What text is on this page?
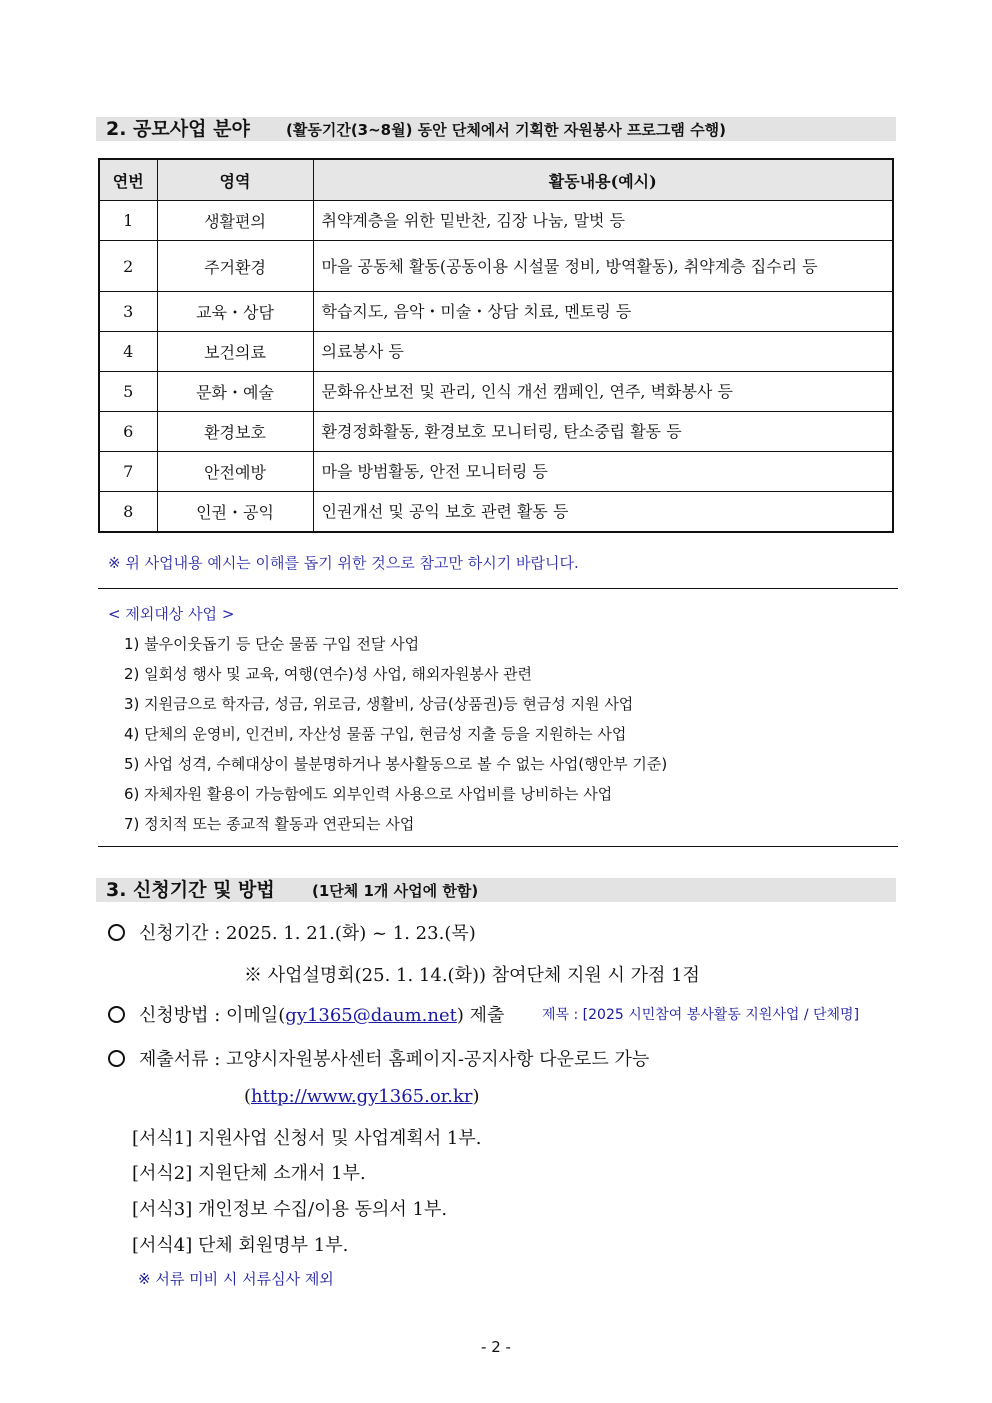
2. 공모사업 분야 (활동기간(3~8월) 동안 단체에서 기획한 자원봉사 프로그램 수행)
연번	영역	활동내용(예시)
1	생활편의	취약계층을 위한 밑반찬, 김장 나눔, 말벗 등
2	주거환경	마을 공동체 활동(공동이용 시설물 정비, 방역활동), 취약계층 집수리 등
3	교육・상담	학습지도, 음악・미술・상담 치료, 멘토링 등
4	보건의료	의료봉사 등
5	문화・예술	문화유산보전 및 관리, 인식 개선 캠페인, 연주, 벽화봉사 등
6	환경보호	환경정화활동, 환경보호 모니터링, 탄소중립 활동 등
7	안전예방	마을 방범활동, 안전 모니터링 등
8	인권・공익	인권개선 및 공익 보호 관련 활동 등
※ 위 사업내용 예시는 이해를 돕기 위한 것으로 참고만 하시기 바랍니다.
< 제외대상 사업 >
1) 불우이웃돕기 등 단순 물품 구입 전달 사업
2) 일회성 행사 및 교육, 여행(연수)성 사업, 해외자원봉사 관련
3) 지원금으로 학자금, 성금, 위로금, 생활비, 상금(상품권)등 현금성 지원 사업
4) 단체의 운영비, 인건비, 자산성 물품 구입, 현금성 지출 등을 지원하는 사업
5) 사업 성격, 수혜대상이 불분명하거나 봉사활동으로 볼 수 없는 사업(행안부 기준)
6) 자체자원 활용이 가능함에도 외부인력 사용으로 사업비를 낭비하는 사업
7) 정치적 또는 종교적 활동과 연관되는 사업
3. 신청기간 및 방법 (1단체 1개 사업에 한함)
신청기간 : 2025. 1. 21.(화) ~ 1. 23.(목)
※ 사업설명회(25. 1. 14.(화)) 참여단체 지원 시 가점 1점
신청방법 : 이메일(gy1365@daum.net) 제출	제목 : [2025 시민참여 봉사활동 지원사업 / 단체명]
제출서류 : 고양시자원봉사센터 홈페이지-공지사항 다운로드 가능
(http://www.gy1365.or.kr)
[서식1] 지원사업 신청서 및 사업계획서 1부.
[서식2] 지원단체 소개서 1부.
[서식3] 개인정보 수집/이용 동의서 1부.
[서식4] 단체 회원명부 1부.
※ 서류 미비 시 서류심사 제외
- 2 -
